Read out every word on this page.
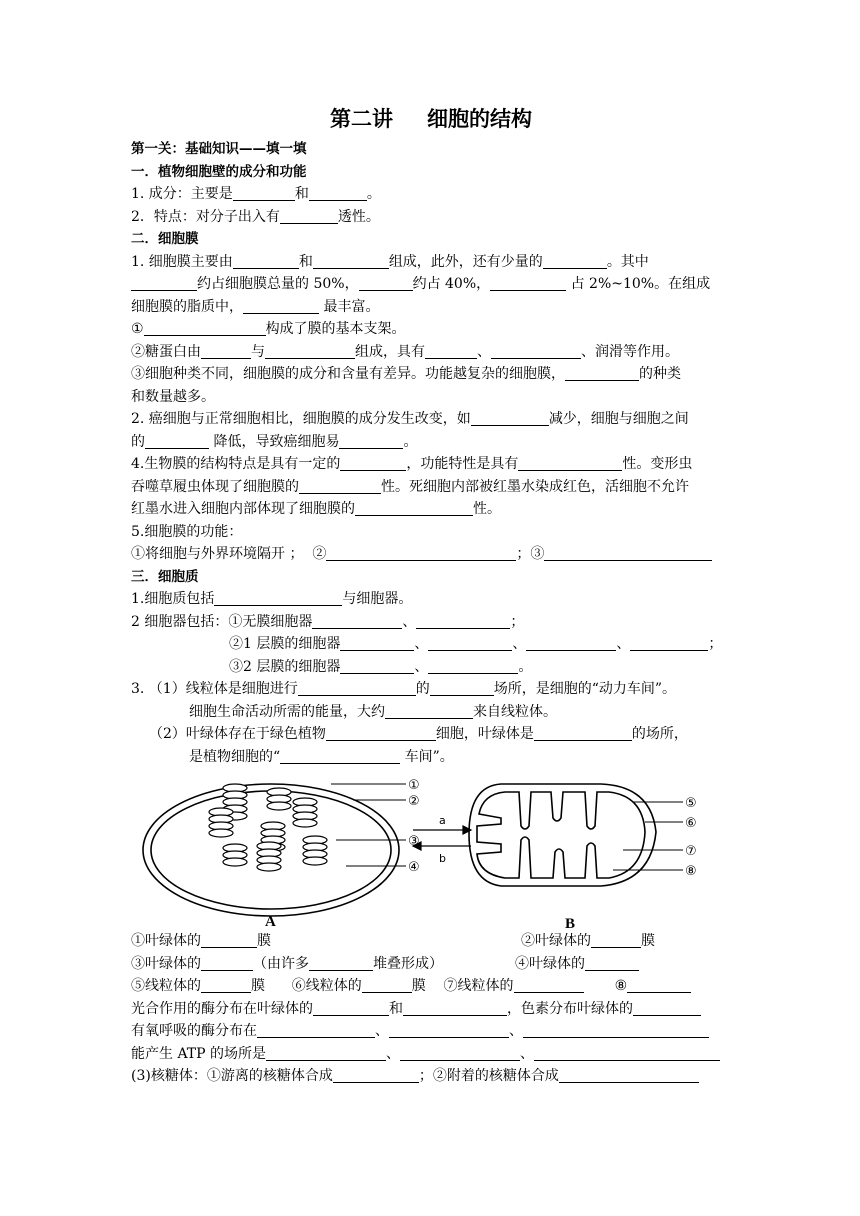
第二讲 细胞的结构
第一关：基础知识——填一填
一．植物细胞壁的成分和功能
1. 成分：主要是	和	。
2．特点：对分子出入有	透性。
二．细胞膜
1. 细胞膜主要由	和	组成，此外，还有少量的	。其中
约占细胞膜总量的 50%，	约占 40%，	占 2%~10%。在组成
细胞膜的脂质中，	最丰富。
①	构成了膜的基本支架。
②糖蛋白由	与	组成，具有	、	、润滑等作用。
③细胞种类不同，细胞膜的成分和含量有差异。功能越复杂的细胞膜，	的种类
和数量越多。
2. 癌细胞与正常细胞相比，细胞膜的成分发生改变，如	减少，细胞与细胞之间
的	降低，导致癌细胞易	。
4.生物膜的结构特点是具有一定的	，功能特性是具有	性。变形虫
吞噬草履虫体现了细胞膜的	性。死细胞内部被红墨水染成红色，活细胞不允许
红墨水进入细胞内部体现了细胞膜的	性。
5.细胞膜的功能：
①将细胞与外界环境隔开 ； ②	；③
三．细胞质
1.细胞质包括	与细胞器。
2 细胞器包括：①无膜细胞器	、	；
②1 层膜的细胞器	、	、	、	；
③2 层膜的细胞器	、	。
3. （1）线粒体是细胞进行	的	场所，是细胞的“动力车间”。
细胞生命活动所需的能量，大约	来自线粒体。
（2）叶绿体存在于绿色植物	细胞，叶绿体是	的场所，
是植物细胞的“	车间”。
①
②
③
④
⑤
⑥
⑦
⑧
a
b
A	B
①叶绿体的	膜	②叶绿体的	膜
③叶绿体的	（由许多	堆叠形成）	④叶绿体的
⑤线粒体的	膜 ⑥线粒体的	膜 ⑦线粒体的	⑧
光合作用的酶分布在叶绿体的	和	，色素分布叶绿体的
有氧呼吸的酶分布在	、	、
能产生 ATP 的场所是	、	、
(3)核糖体：①游离的核糖体合成	；②附着的核糖体合成
